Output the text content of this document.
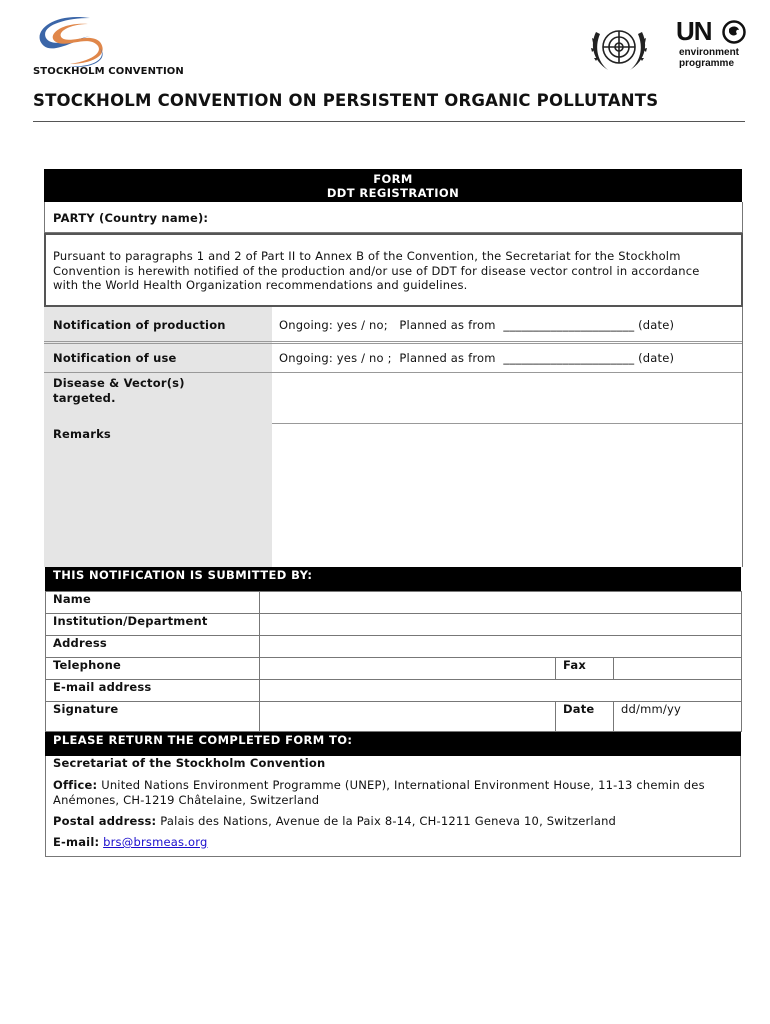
STOCKHOLM CONVENTION
UN
environment
programme
STOCKHOLM CONVENTION ON PERSISTENT ORGANIC POLLUTANTS
FORM
DDT REGISTRATION
PARTY (Country name):
Pursuant to paragraphs 1 and 2 of Part II to Annex B of the Convention, the Secretariat for the Stockholm Convention is herewith notified of the production and/or use of DDT for disease vector control in accordance with the World Health Organization recommendations and guidelines.
Notification of production	Ongoing: yes / no;   Planned as from  ______________________ (date)
Notification of use	Ongoing: yes / no ;  Planned as from  ______________________ (date)
Disease & Vector(s) targeted.
Remarks
THIS NOTIFICATION IS SUBMITTED BY:
Name			
Institution/Department			
Address			
Telephone		Fax	
E-mail address			
Signature		Date	dd/mm/yy
PLEASE RETURN THE COMPLETED FORM TO:
Secretariat of the Stockholm Convention
Office: United Nations Environment Programme (UNEP), International Environment House, 11-13 chemin des Anémones, CH-1219 Châtelaine, Switzerland
Postal address: Palais des Nations, Avenue de la Paix 8-14, CH-1211 Geneva 10, Switzerland
E-mail: brs@brsmeas.org
